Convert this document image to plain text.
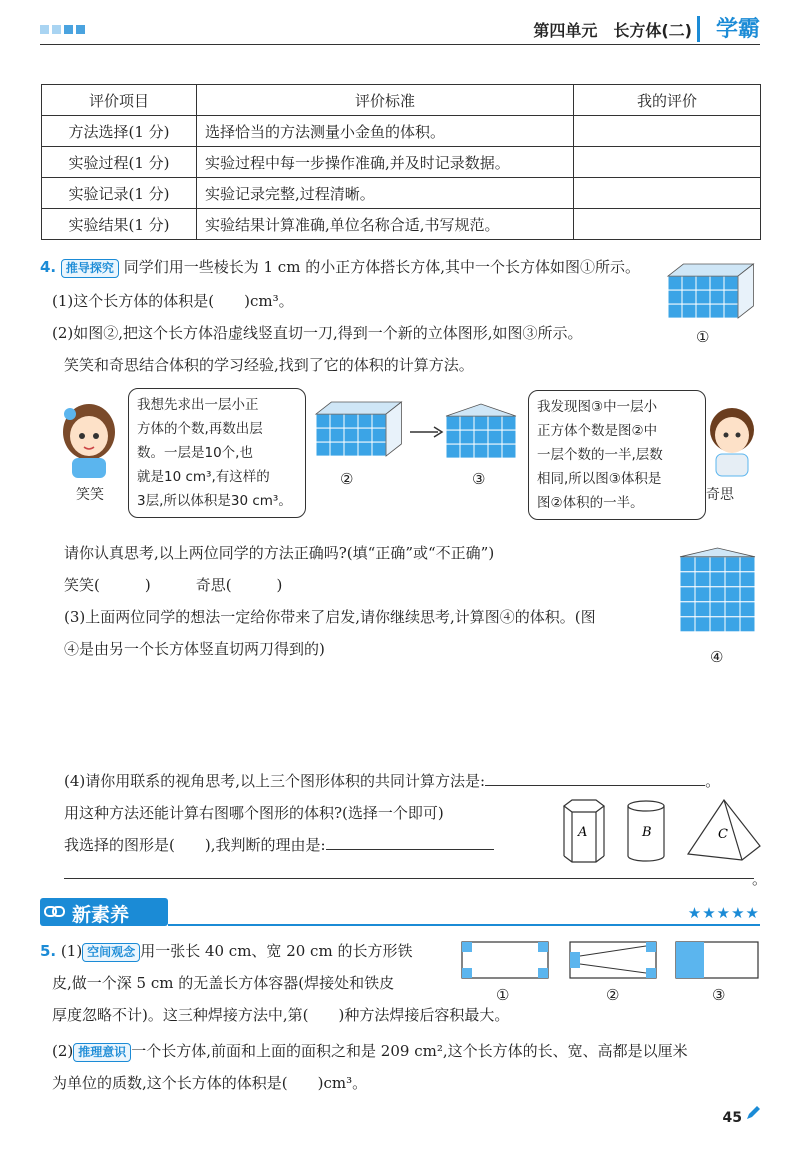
第四单元　长方体(二) 学霸
评价项目	评价标准	我的评价
方法选择(1 分)	选择恰当的方法测量小金鱼的体积。	
实验过程(1 分)	实验过程中每一步操作准确,并及时记录数据。	
实验记录(1 分)	实验记录完整,过程清晰。	
实验结果(1 分)	实验结果计算准确,单位名称合适,书写规范。	
4. 推导探究 同学们用一些棱长为 1 cm 的小正方体搭长方体,其中一个长方体如图①所示。
(1)这个长方体的体积是(　　)cm³。
(2)如图②,把这个长方体沿虚线竖直切一刀,得到一个新的立体图形,如图③所示。
笑笑和奇思结合体积的学习经验,找到了它的体积的计算方法。
①
笑笑
我想先求出一层小正
方体的个数,再数出层
数。一层是10个,也
就是10 cm³,有这样的
3层,所以体积是30 cm³。
②	③
我发现图③中一层小
正方体个数是图②中
一层个数的一半,层数
相同,所以图③体积是
图②体积的一半。	奇思
请你认真思考,以上两位同学的方法正确吗?(填“正确”或“不正确”)
笑笑(　　　)　　　奇思(　　　)
(3)上面两位同学的想法一定给你带来了启发,请你继续思考,计算图④的体积。(图
④是由另一个长方体竖直切两刀得到的)	④
(4)请你用联系的视角思考,以上三个图形体积的共同计算方法是:	。
用这种方法还能计算右图哪个图形的体积?(选择一个即可)
我选择的图形是(　　),我判断的理由是:
。
A	B	C
新素养	★★★★★
5. (1) 空间观念 用一张长 40 cm、宽 20 cm 的长方形铁
皮,做一个深 5 cm 的无盖长方体容器(焊接处和铁皮
厚度忽略不计)。这三种焊接方法中,第(　　)种方法焊接后容积最大。
①	②	③
(2) 推理意识 一个长方体,前面和上面的面积之和是 209 cm²,这个长方体的长、宽、高都是以厘米
为单位的质数,这个长方体的体积是(　　)cm³。
45
